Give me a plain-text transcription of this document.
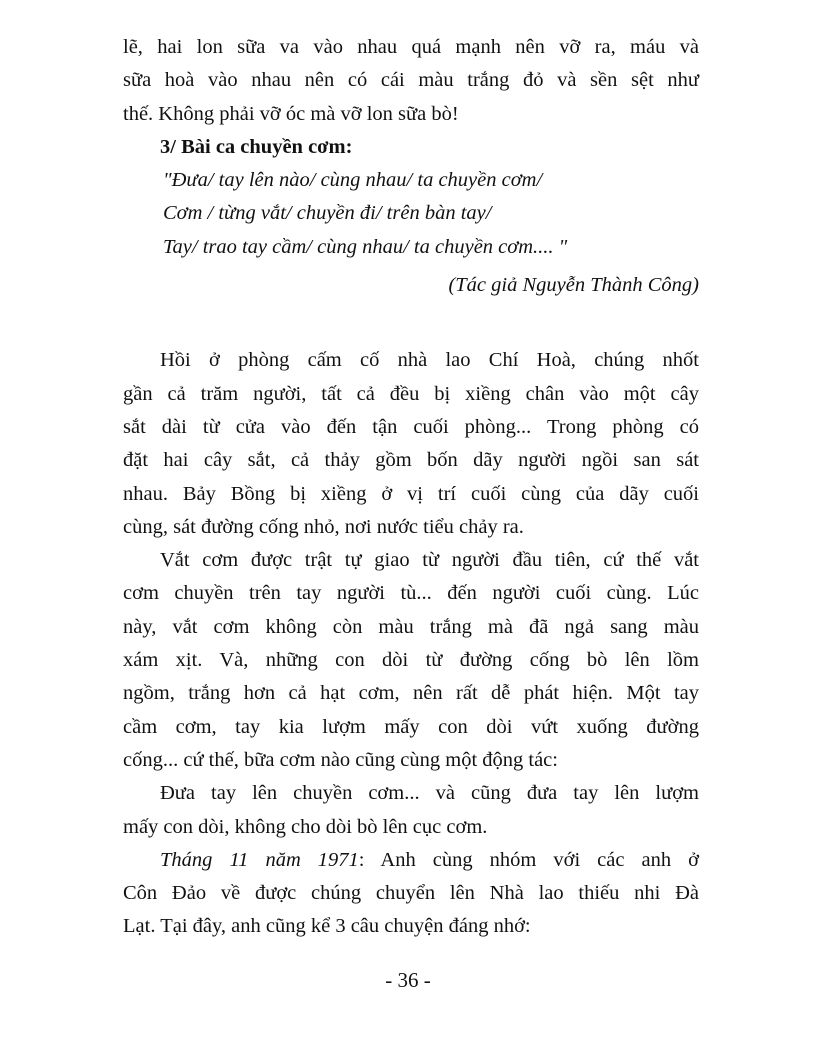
lẽ, hai lon sữa va vào nhau quá mạnh nên vỡ ra, máu và
sữa hoà vào nhau nên có cái màu trắng đỏ và sền sệt như
thế. Không phải vỡ óc mà vỡ lon sữa bò!
3/ Bài ca chuyền cơm:
"Đưa/ tay lên nào/ cùng nhau/ ta chuyền cơm/
Cơm / từng vắt/ chuyền đi/ trên bàn tay/
Tay/ trao tay cầm/ cùng nhau/ ta chuyền cơm.... "
(Tác giả Nguyễn Thành Công)
Hồi ở phòng cấm cố nhà lao Chí Hoà, chúng nhốt
gần cả trăm người, tất cả đều bị xiềng chân vào một cây
sắt dài từ cửa vào đến tận cuối phòng... Trong phòng có
đặt hai cây sắt, cả thảy gồm bốn dãy người ngồi san sát
nhau. Bảy Bồng bị xiềng ở vị trí cuối cùng của dãy cuối
cùng, sát đường cống nhỏ, nơi nước tiểu chảy ra.
Vắt cơm được trật tự giao từ người đầu tiên, cứ thế vắt
cơm chuyền trên tay người tù... đến người cuối cùng. Lúc
này, vắt cơm không còn màu trắng mà đã ngả sang màu
xám xịt. Và, những con dòi từ đường cống bò lên lồm
ngồm, trắng hơn cả hạt cơm, nên rất dễ phát hiện. Một tay
cầm cơm, tay kia lượm mấy con dòi vứt xuống đường
cống... cứ thế, bữa cơm nào cũng cùng một động tác:
Đưa tay lên chuyền cơm... và cũng đưa tay lên lượm
mấy con dòi, không cho dòi bò lên cục cơm.
Tháng 11 năm 1971: Anh cùng nhóm với các anh ở
Côn Đảo về được chúng chuyển lên Nhà lao thiếu nhi Đà
Lạt. Tại đây, anh cũng kể 3 câu chuyện đáng nhớ:
- 36 -
